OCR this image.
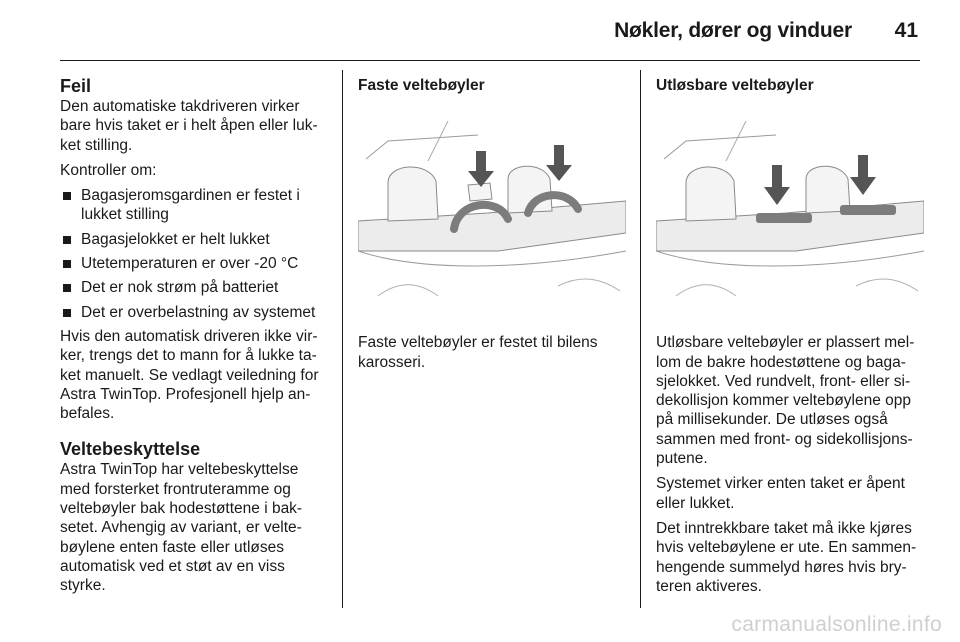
Nøkler, dører og vinduer 41
Feil

Den automatiske takdriveren virker bare hvis taket er i helt åpen eller luk-ket stilling.

Kontroller om:

Bagasjeromsgardinen er festet i lukket stilling
Bagasjelokket er helt lukket
Utetemperaturen er over -20 °C
Det er nok strøm på batteriet
Det er overbelastning av systemet

Hvis den automatisk driveren ikke vir-ker, trengs det to mann for å lukke ta-ket manuelt. Se vedlagt veiledning for Astra TwinTop. Profesjonell hjelp an-befales.

Veltebeskyttelse

Astra TwinTop har veltebeskyttelse med forsterket frontruteramme og veltebøyler bak hodestøttene i bak-setet. Avhengig av variant, er velte-bøylene enten faste eller utløses automatisk ved et støt av en viss styrke.

Faste veltebøyler

Faste veltebøyler er festet til bilens karosseri.

Utløsbare veltebøyler

Utløsbare veltebøyler er plassert mel-lom de bakre hodestøttene og baga-sjelokket. Ved rundvelt, front- eller si-dekollisjon kommer veltebøylene opp på millisekunder. De utløses også sammen med front- og sidekollisjons-putene.

Systemet virker enten taket er åpent eller lukket.

Det inntrekkbare taket må ikke kjøres hvis veltebøylene er ute. En sammen-hengende summelyd høres hvis bry-teren aktiveres.

carmanualsonline.info
